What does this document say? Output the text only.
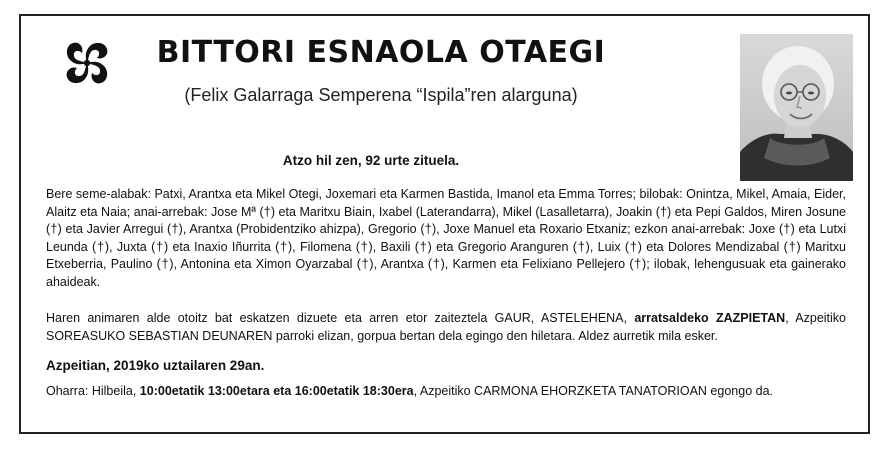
BITTORI ESNAOLA OTAEGI
(Felix Galarraga Semperena “Ispila”ren alarguna)
Atzo hil zen, 92 urte zituela.
Bere seme-alabak: Patxi, Arantxa eta Mikel Otegi, Joxemari eta Karmen Bastida, Imanol eta Emma Torres; bilobak: Onintza, Mikel, Amaia, Eider, Alaitz eta Naia; anai-arrebak: Jose Mª (†) eta Maritxu Biain, Ixabel (Laterandarra), Mikel (Lasalletarra), Joakin (†) eta Pepi Galdos, Miren Josune (†) eta Javier Arregui (†), Arantxa (Probidentziko ahizpa), Gregorio (†), Joxe Manuel eta Roxario Etxaniz; ezkon anai-arrebak: Joxe (†) eta Lutxi Leunda (†), Juxta (†) eta Inaxio Iñurrita (†), Filomena (†), Baxili (†) eta Gregorio Aranguren (†), Luix (†) eta Dolores Mendizabal (†) Maritxu Etxeberria, Paulino (†), Antonina eta Ximon Oyarzabal (†), Arantxa (†), Karmen eta Felixiano Pellejero (†); ilobak, lehengusuak eta gainerako ahaideak.
Haren animaren alde otoitz bat eskatzen dizuete eta arren etor zaiteztela GAUR, ASTELEHENA, arratsaldeko ZAZPIETAN, Azpeitiko SOREASUKO SEBASTIAN DEUNAREN parroki elizan, gorpua bertan dela egingo den hiletara. Aldez aurretik mila esker.
Azpeitian, 2019ko uztailaren 29an.
Oharra: Hilbeila, 10:00etatik 13:00etara eta 16:00etatik 18:30era, Azpeitiko CARMONA EHORZKETA TANATORIOAN egongo da.
